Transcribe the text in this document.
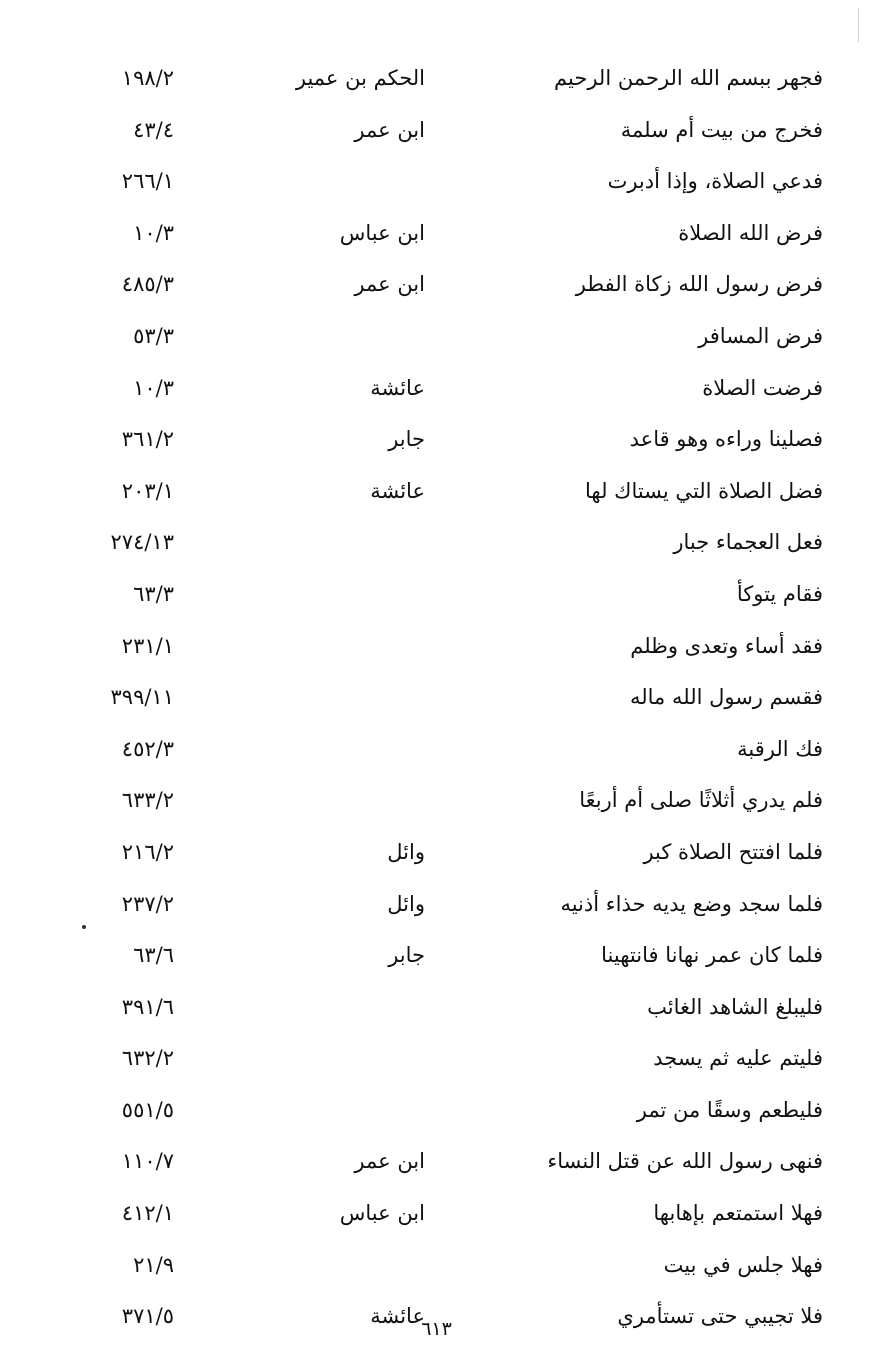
فجهر ببسم الله الرحمن الرحيم
الحكم بن عمير
١٩٨/٢
فخرج من بيت أم سلمة
ابن عمر
٤٣/٤
فدعي الصلاة، وإذا أدبرت
٢٦٦/١
فرض الله الصلاة
ابن عباس
١٠/٣
فرض رسول الله زكاة الفطر
ابن عمر
٤٨٥/٣
فرض المسافر
٥٣/٣
فرضت الصلاة
عائشة
١٠/٣
فصلينا وراءه وهو قاعد
جابر
٣٦١/٢
فضل الصلاة التي يستاك لها
عائشة
٢٠٣/١
فعل العجماء جبار
٢٧٤/١٣
فقام يتوكأ
٦٣/٣
فقد أساء وتعدى وظلم
٢٣١/١
فقسم رسول الله ماله
٣٩٩/١١
فك الرقبة
٤٥٢/٣
فلم يدري أثلاثًا صلى أم أربعًا
٦٣٣/٢
فلما افتتح الصلاة كبر
وائل
٢١٦/٢
فلما سجد وضع يديه حذاء أذنيه
وائل
٢٣٧/٢
فلما كان عمر نهانا فانتهينا
جابر
٦٣/٦
فليبلغ الشاهد الغائب
٣٩١/٦
فليتم عليه ثم يسجد
٦٣٢/٢
فليطعم وسقًا من تمر
٥٥١/٥
فنهى رسول الله عن قتل النساء
ابن عمر
١١٠/٧
فهلا استمتعم بإهابها
ابن عباس
٤١٢/١
فهلا جلس في بيت
٢١/٩
فلا تجيبي حتى تستأمري
عائشة
٣٧١/٥
٦١٣
